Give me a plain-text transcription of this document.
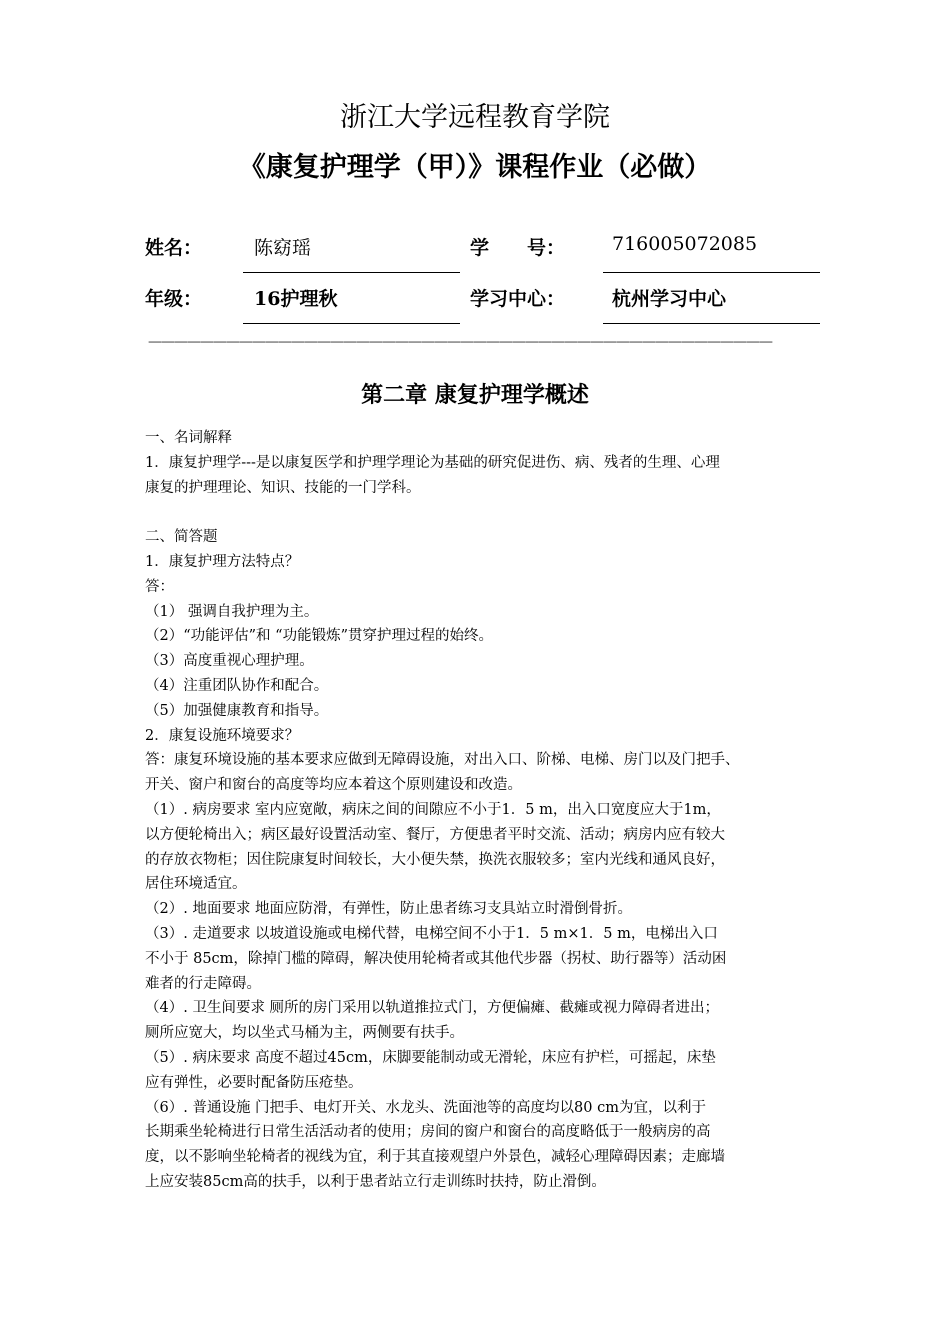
浙江大学远程教育学院
《康复护理学（甲）》课程作业（必做）
姓名：	陈窈瑶	学　　号： 716005072085
年级：	16护理秋	学习中心： 杭州学习中心
————————————————————————————————————————————————
第二章 康复护理学概述

一、名词解释

1．康复护理学---是以康复医学和护理学理论为基础的研究促进伤、病、残者的生理、心理

康复的护理理论、知识、技能的一门学科。

二、简答题

1．康复护理方法特点？

答：

（1） 强调自我护理为主。

（2）“功能评估”和 “功能锻炼”贯穿护理过程的始终。

（3）高度重视心理护理。

（4）注重团队协作和配合。

（5）加强健康教育和指导。

2．康复设施环境要求？

答：康复环境设施的基本要求应做到无障碍设施，对出入口、阶梯、电梯、房门以及门把手、

开关、窗户和窗台的高度等均应本着这个原则建设和改造。

（1）. 病房要求 室内应宽敞，病床之间的间隙应不小于1．5 m，出入口宽度应大于1m，

以方便轮椅出入；病区最好设置活动室、餐厅，方便患者平时交流、活动；病房内应有较大

的存放衣物柜；因住院康复时间较长，大小便失禁，换洗衣服较多；室内光线和通风良好，

居住环境适宜。

（2）. 地面要求 地面应防滑，有弹性，防止患者练习支具站立时滑倒骨折。

（3）. 走道要求 以坡道设施或电梯代替，电梯空间不小于1．5 m×1．5 m，电梯出入口

不小于 85cm，除掉门槛的障碍，解决使用轮椅者或其他代步器（拐杖、助行器等）活动困

难者的行走障碍。

（4）. 卫生间要求 厕所的房门采用以轨道推拉式门，方便偏瘫、截瘫或视力障碍者进出；

厕所应宽大，均以坐式马桶为主，两侧要有扶手。

（5）. 病床要求 高度不超过45cm，床脚要能制动或无滑轮，床应有护栏，可摇起，床垫

应有弹性，必要时配备防压疮垫。

（6）. 普通设施 门把手、电灯开关、水龙头、洗面池等的高度均以80 cm为宜，以利于

长期乘坐轮椅进行日常生活活动者的使用；房间的窗户和窗台的高度略低于一般病房的高

度，以不影响坐轮椅者的视线为宜，利于其直接观望户外景色，减轻心理障碍因素；走廊墙

上应安装85cm高的扶手，以利于患者站立行走训练时扶持，防止滑倒。
